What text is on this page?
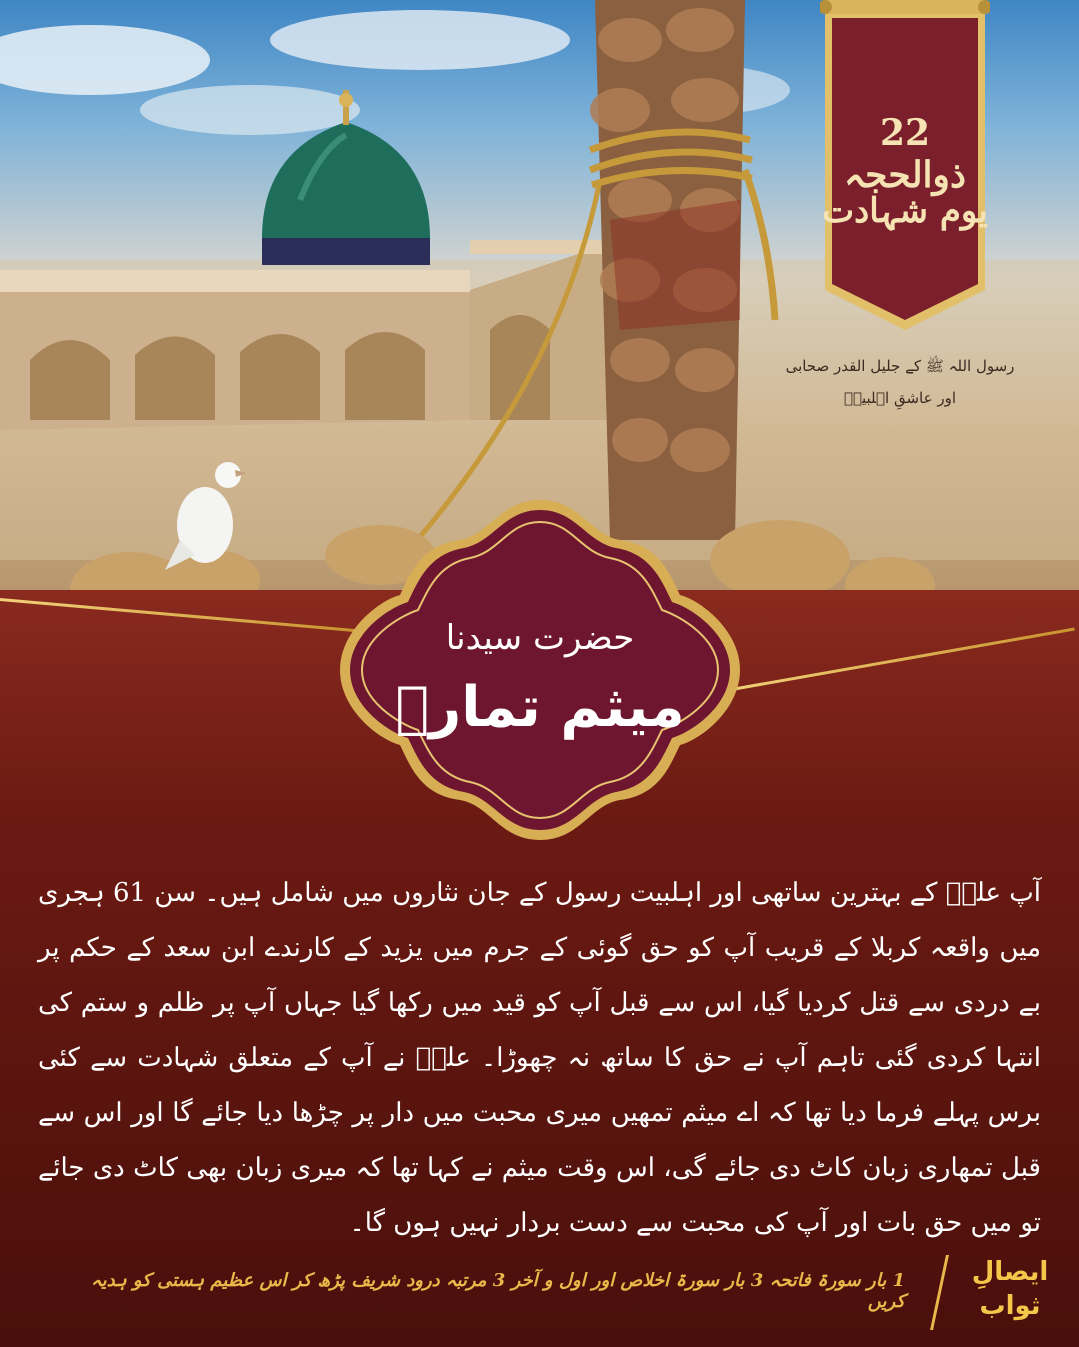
22 ذوالحجہ
یوم شہادت
رسول اللہ ﷺ کے جلیل القدر صحابی
اور عاشقِ اہلبیتؑ
حضرت سیدنا
میثم تمارؓ
آپ علیؑ کے بہترین ساتھی اور اہلبیت رسول کے جان نثاروں میں شامل ہیں۔ سن 61 ہجری میں واقعہ کربلا کے قریب آپ کو حق گوئی کے جرم میں یزید کے کارندے ابن سعد کے حکم پر بے دردی سے قتل کردیا گیا، اس سے قبل آپ کو قید میں رکھا گیا جہاں آپ پر ظلم و ستم کی انتہا کردی گئی تاہم آپ نے حق کا ساتھ نہ چھوڑا۔ علیؑ نے آپ کے متعلق شہادت سے کئی برس پہلے فرما دیا تھا کہ اے میثم تمھیں میری محبت میں دار پر چڑھا دیا جائے گا اور اس سے قبل تمھاری زبان کاٹ دی جائے گی، اس وقت میثم نے کہا تھا کہ میری زبان بھی کاٹ دی جائے تو میں حق بات اور آپ کی محبت سے دست بردار نہیں ہوں گا۔
ایصالِ
ثواب
1 بار سورۃ فاتحہ 3 بار سورۃ اخلاص اور اول و آخر 3 مرتبہ درود شریف پڑھ کر اس عظیم ہستی کو ہدیہ کریں
